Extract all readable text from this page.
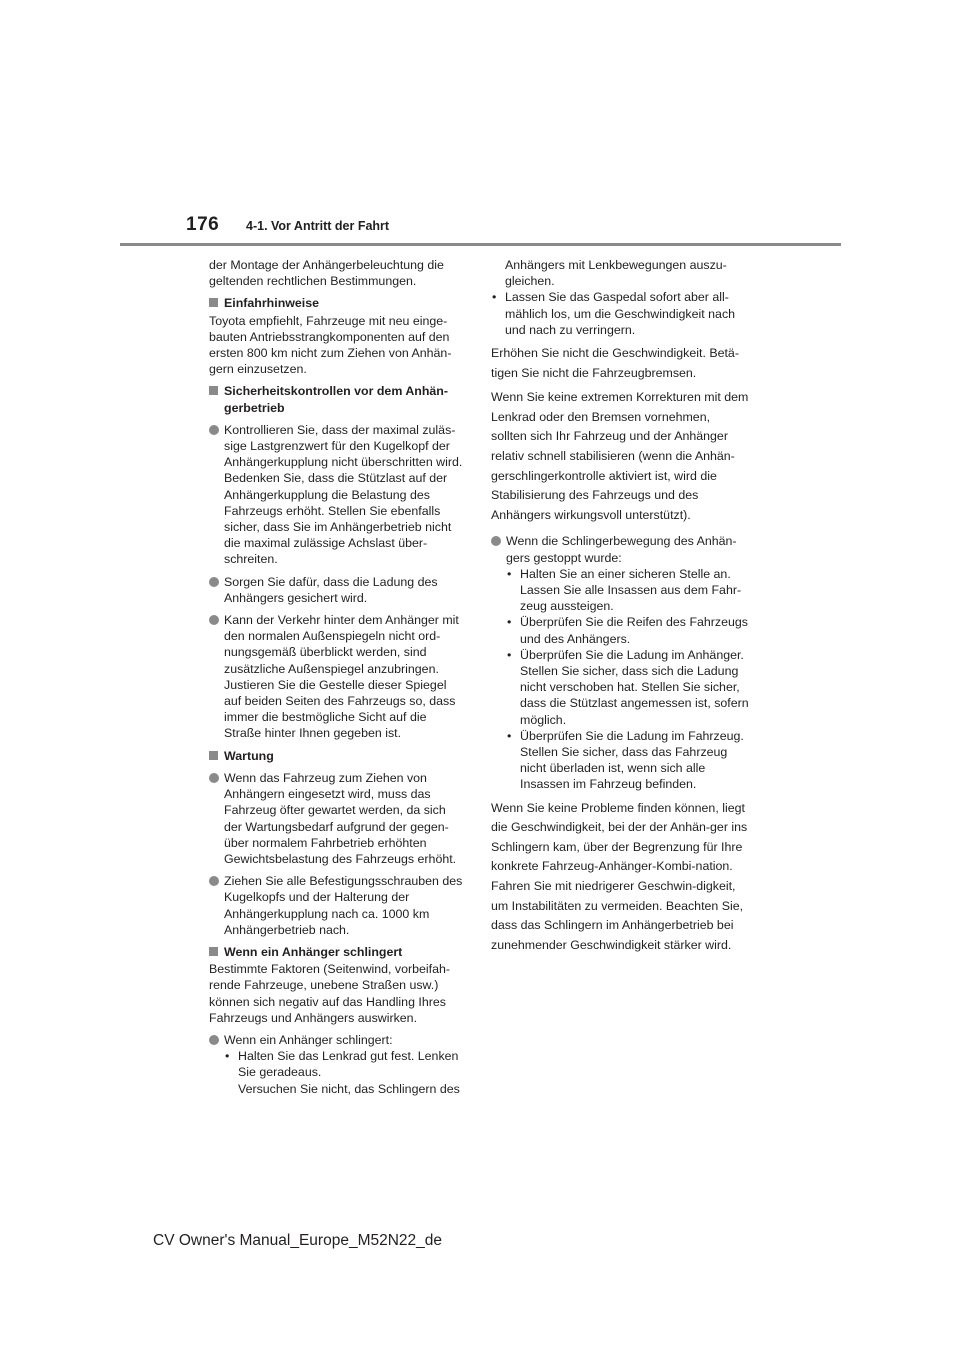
176 4-1. Vor Antritt der Fahrt

der Montage der Anhängerbeleuchtung die geltenden rechtlichen Bestimmungen.

Einfahrhinweise

Toyota empfiehlt, Fahrzeuge mit neu einge-bauten Antriebsstrangkomponenten auf den ersten 800 km nicht zum Ziehen von Anhän-gern einzusetzen.

Sicherheitskontrollen vor dem Anhän-gerbetrieb
Kontrollieren Sie, dass der maximal zuläs-sige Lastgrenzwert für den Kugelkopf der Anhängerkupplung nicht überschritten wird. Bedenken Sie, dass die Stützlast auf der Anhängerkupplung die Belastung des Fahrzeugs erhöht. Stellen Sie ebenfalls sicher, dass Sie im Anhängerbetrieb nicht die maximal zulässige Achslast über-schreiten.
Sorgen Sie dafür, dass die Ladung des Anhängers gesichert wird.
Kann der Verkehr hinter dem Anhänger mit den normalen Außenspiegeln nicht ord-nungsgemäß überblickt werden, sind zusätzliche Außenspiegel anzubringen. Justieren Sie die Gestelle dieser Spiegel auf beiden Seiten des Fahrzeugs so, dass immer die bestmögliche Sicht auf die Straße hinter Ihnen gegeben ist.
Wartung
Wenn das Fahrzeug zum Ziehen von Anhängern eingesetzt wird, muss das Fahrzeug öfter gewartet werden, da sich der Wartungsbedarf aufgrund der gegen-über normalem Fahrbetrieb erhöhten Gewichtsbelastung des Fahrzeugs erhöht.
Ziehen Sie alle Befestigungsschrauben des Kugelkopfs und der Halterung der Anhängerkupplung nach ca. 1000 km Anhängerbetrieb nach.
Wenn ein Anhänger schlingert

Bestimmte Faktoren (Seitenwind, vorbeifah-rende Fahrzeuge, unebene Straßen usw.) können sich negativ auf das Handling Ihres Fahrzeugs und Anhängers auswirken.

Wenn ein Anhänger schlingert:
• Halten Sie das Lenkrad gut fest. Lenken Sie geradeaus.
Versuchen Sie nicht, das Schlingern des
Anhängers mit Lenkbewegungen auszu-gleichen.
• Lassen Sie das Gaspedal sofort aber all-mählich los, um die Geschwindigkeit nach und nach zu verringern.

Erhöhen Sie nicht die Geschwindigkeit. Betä-tigen Sie nicht die Fahrzeugbremsen.

Wenn Sie keine extremen Korrekturen mit dem Lenkrad oder den Bremsen vornehmen, sollten sich Ihr Fahrzeug und der Anhänger relativ schnell stabilisieren (wenn die Anhän-gerschlingerkontrolle aktiviert ist, wird die Stabilisierung des Fahrzeugs und des Anhängers wirkungsvoll unterstützt).

Wenn die Schlingerbewegung des Anhän-gers gestoppt wurde:
• Halten Sie an einer sicheren Stelle an. Lassen Sie alle Insassen aus dem Fahr-zeug aussteigen.
• Überprüfen Sie die Reifen des Fahrzeugs und des Anhängers.
• Überprüfen Sie die Ladung im Anhänger. Stellen Sie sicher, dass sich die Ladung nicht verschoben hat. Stellen Sie sicher, dass die Stützlast angemessen ist, sofern möglich.
• Überprüfen Sie die Ladung im Fahrzeug. Stellen Sie sicher, dass das Fahrzeug nicht überladen ist, wenn sich alle Insassen im Fahrzeug befinden.

Wenn Sie keine Probleme finden können, liegt die Geschwindigkeit, bei der der Anhän-ger ins Schlingern kam, über der Begrenzung für Ihre konkrete Fahrzeug-Anhänger-Kombi-nation. Fahren Sie mit niedrigerer Geschwin-digkeit, um Instabilitäten zu vermeiden. Beachten Sie, dass das Schlingern im Anhängerbetrieb bei zunehmender Geschwindigkeit stärker wird.

CV Owner's Manual_Europe_M52N22_de
